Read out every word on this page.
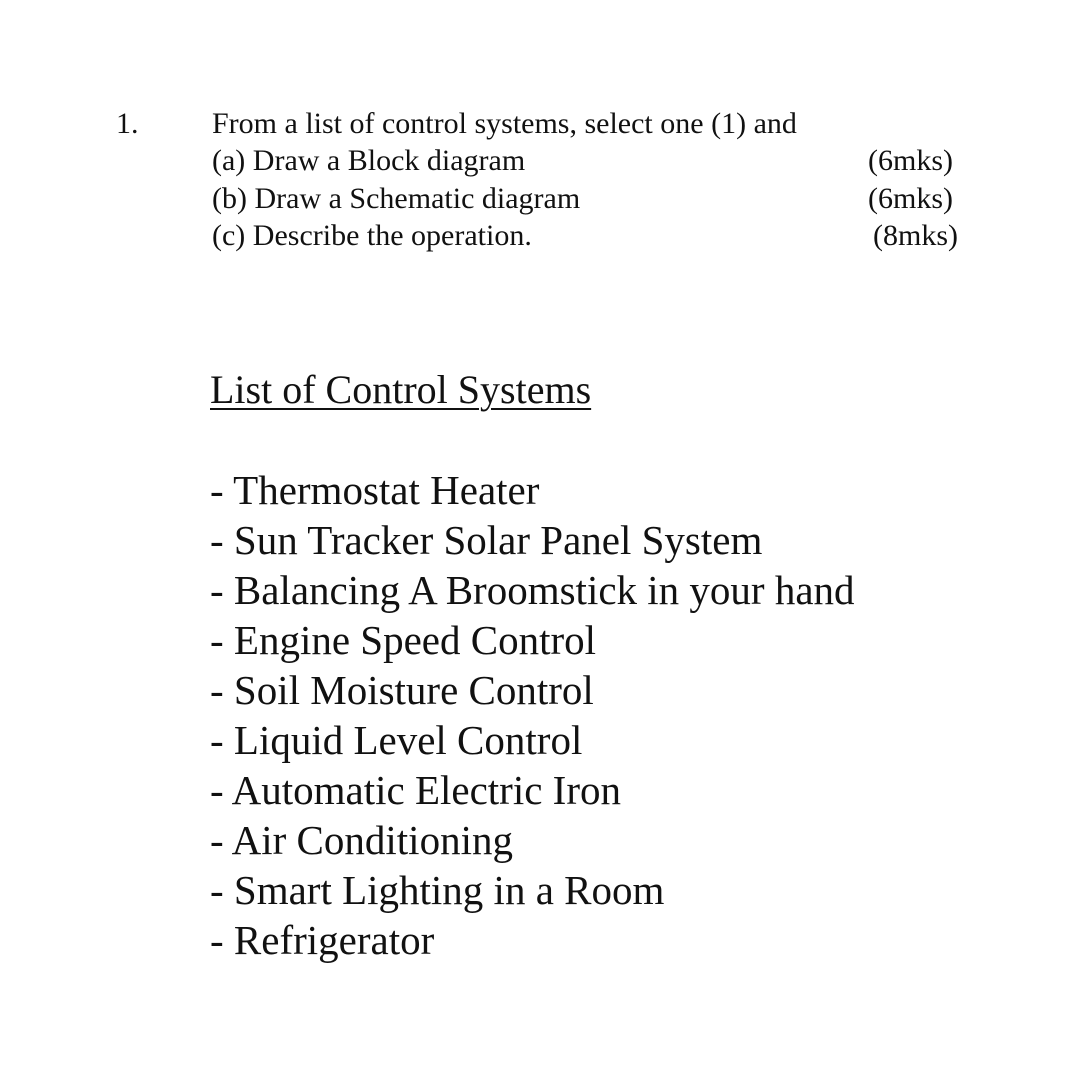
1. From a list of control systems, select one (1) and
(a) Draw a Block diagram	(6mks)
(b) Draw a Schematic diagram	(6mks)
(c) Describe the operation.	(8mks)
List of Control Systems
- Thermostat Heater
- Sun Tracker Solar Panel System
- Balancing A Broomstick in your hand
- Engine Speed Control
- Soil Moisture Control
- Liquid Level Control
- Automatic Electric Iron
- Air Conditioning
- Smart Lighting in a Room
- Refrigerator
